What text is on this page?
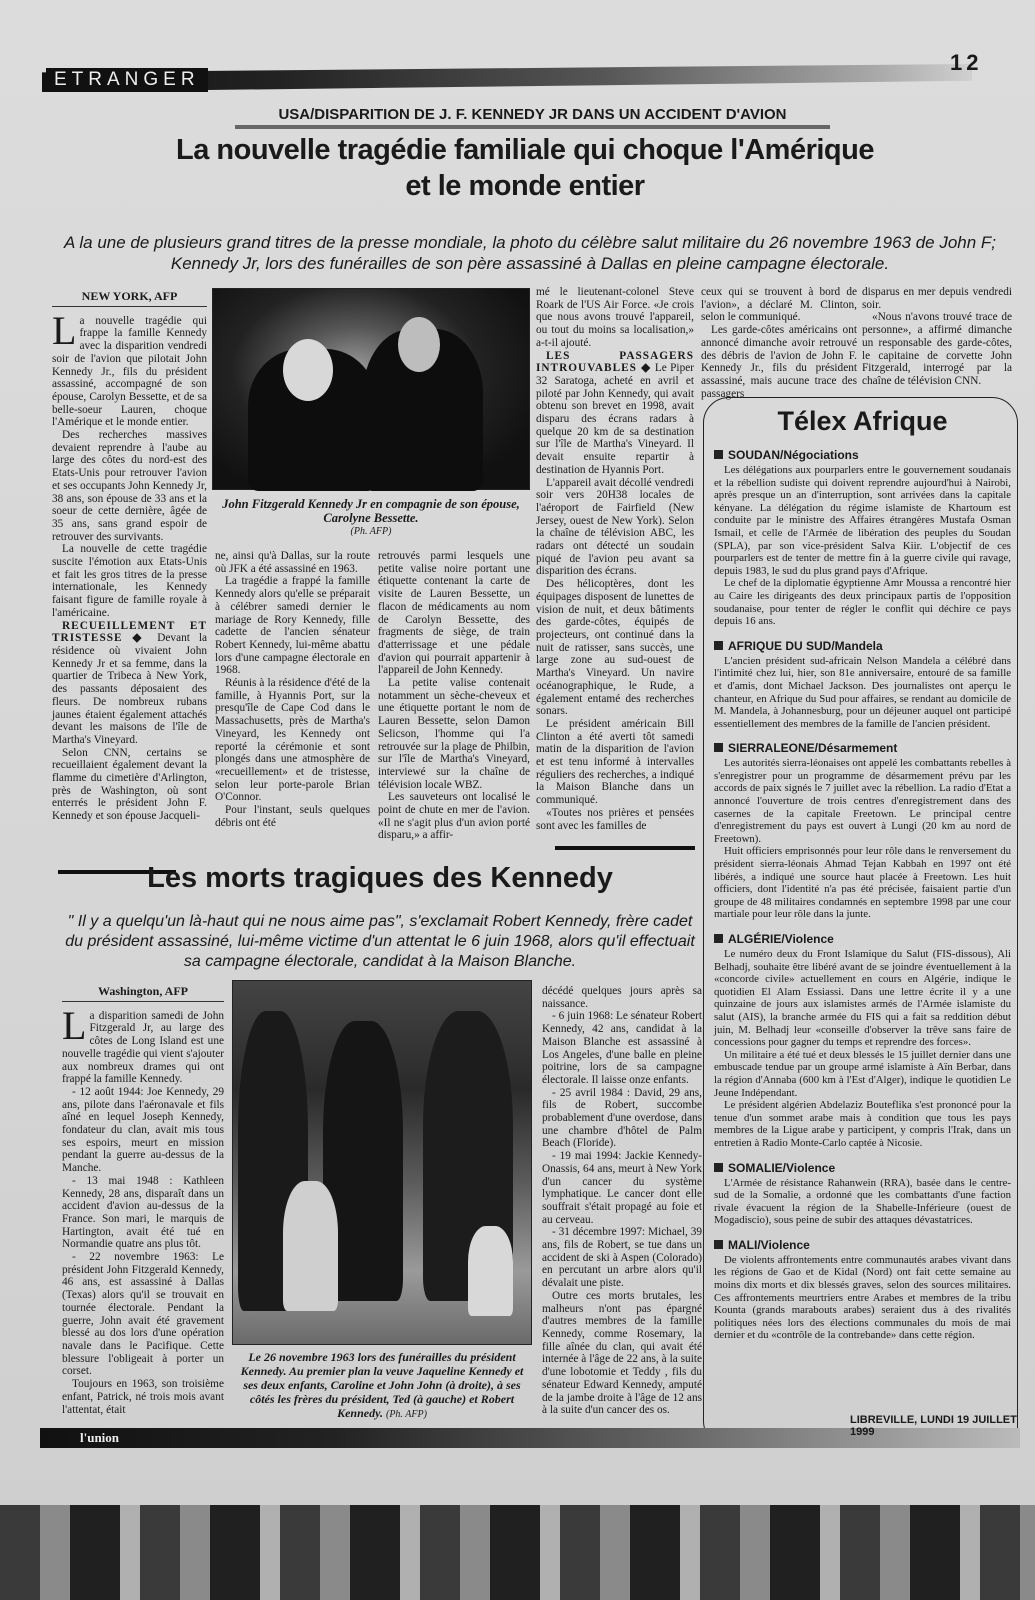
ETRANGER
12
USA/DISPARITION DE J. F. KENNEDY JR DANS UN ACCIDENT D'AVION
La nouvelle tragédie familiale qui choque l'Amérique
et le monde entier
A la une de plusieurs grand titres de la presse mondiale, la photo du célèbre salut militaire du 26 novembre 1963 de John F; Kennedy Jr, lors des funérailles de son père assassiné à Dallas en pleine campagne électorale.
NEW YORK, AFP

La nouvelle tragédie qui frappe la famille Kennedy avec la disparition vendredi soir de l'avion que pilotait John Kennedy Jr., fils du président assassiné, accompagné de son épouse, Carolyn Bessette, et de sa belle-soeur Lauren, choque l'Amérique et le monde entier.

Des recherches massives devaient reprendre à l'aube au large des côtes du nord-est des Etats-Unis pour retrouver l'avion et ses occupants John Kennedy Jr, 38 ans, son épouse de 33 ans et la soeur de cette dernière, âgée de 35 ans, sans grand espoir de retrouver des survivants.

La nouvelle de cette tragédie suscite l'émotion aux Etats-Unis et fait les gros titres de la presse internationale, les Kennedy faisant figure de famille royale à l'américaine.

RECUEILLEMENT ET TRISTESSE ◆ Devant la résidence où vivaient John Kennedy Jr et sa femme, dans la quartier de Tribeca à New York, des passants déposaient des fleurs. De nombreux rubans jaunes étaient également attachés devant les maisons de l'île de Martha's Vineyard.

Selon CNN, certains se recueillaient également devant la flamme du cimetière d'Arlington, près de Washington, où sont enterrés le président John F. Kennedy et son épouse Jacqueli-

John Fitzgerald Kennedy Jr en compagnie de son épouse, Carolyne Bessette.
(Ph. AFP)

ne, ainsi qu'à Dallas, sur la route où JFK a été assassiné en 1963.

La tragédie a frappé la famille Kennedy alors qu'elle se préparait à célébrer samedi dernier le mariage de Rory Kennedy, fille cadette de l'ancien sénateur Robert Kennedy, lui-même abattu lors d'une campagne électorale en 1968.

Réunis à la résidence d'été de la famille, à Hyannis Port, sur la presqu'île de Cape Cod dans le Massachusetts, près de Martha's Vineyard, les Kennedy ont reporté la cérémonie et sont plongés dans une atmosphère de «recueillement» et de tristesse, selon leur porte-parole Brian O'Connor.

Pour l'instant, seuls quelques débris ont été

retrouvés parmi lesquels une petite valise noire portant une étiquette contenant la carte de visite de Lauren Bessette, un flacon de médicaments au nom de Carolyn Bessette, des fragments de siège, de train d'atterrissage et une pédale d'avion qui pourrait appartenir à l'appareil de John Kennedy.

La petite valise contenait notamment un sèche-cheveux et une étiquette portant le nom de Lauren Bessette, selon Damon Selicson, l'homme qui l'a retrouvée sur la plage de Philbin, sur l'île de Martha's Vineyard, interviewé sur la chaîne de télévision locale WBZ.

Les sauveteurs ont localisé le point de chute en mer de l'avion. «Il ne s'agit plus d'un avion porté disparu,» a affir-

mé le lieutenant-colonel Steve Roark de l'US Air Force. «Je crois que nous avons trouvé l'appareil, ou tout du moins sa localisation,» a-t-il ajouté.

LES PASSAGERS INTROUVABLES ◆ Le Piper 32 Saratoga, acheté en avril et piloté par John Kennedy, qui avait obtenu son brevet en 1998, avait disparu des écrans radars à quelque 20 km de sa destination sur l'île de Martha's Vineyard. Il devait ensuite repartir à destination de Hyannis Port.

L'appareil avait décollé vendredi soir vers 20H38 locales de l'aéroport de Fairfield (New Jersey, ouest de New York). Selon la chaîne de télévision ABC, les radars ont détecté un soudain piqué de l'avion peu avant sa disparition des écrans.

Des hélicoptères, dont les équipages disposent de lunettes de vision de nuit, et deux bâtiments des garde-côtes, équipés de projecteurs, ont continué dans la nuit de ratisser, sans succès, une large zone au sud-ouest de Martha's Vineyard. Un navire océanographique, le Rude, a également entamé des recherches sonars.

Le président américain Bill Clinton a été averti tôt samedi matin de la disparition de l'avion et est tenu informé à intervalles réguliers des recherches, a indiqué la Maison Blanche dans un communiqué.

«Toutes nos prières et pensées sont avec les familles de

ceux qui se trouvent à bord de l'avion», a déclaré M. Clinton, selon le communiqué.

Les garde-côtes américains ont annoncé dimanche avoir retrouvé des débris de l'avion de John F. Kennedy Jr., fils du président assassiné, mais aucune trace des passagers

disparus en mer depuis vendredi soir.

«Nous n'avons trouvé trace de personne», a affirmé dimanche un responsable des garde-côtes, le capitaine de corvette John Fitzgerald, interrogé par la chaîne de télévision CNN.

Les morts tragiques des Kennedy
" Il y a quelqu'un là-haut qui ne nous aime pas", s'exclamait Robert Kennedy, frère cadet du président assassiné, lui-même victime d'un attentat le 6 juin 1968, alors qu'il effectuait sa campagne électorale, candidat à la Maison Blanche.
Washington, AFP

La disparition samedi de John Fitzgerald Jr, au large des côtes de Long Island est une nouvelle tragédie qui vient s'ajouter aux nombreux drames qui ont frappé la famille Kennedy.

- 12 août 1944: Joe Kennedy, 29 ans, pilote dans l'aéronavale et fils aîné en lequel Joseph Kennedy, fondateur du clan, avait mis tous ses espoirs, meurt en mission pendant la guerre au-dessus de la Manche.

- 13 mai 1948 : Kathleen Kennedy, 28 ans, disparaît dans un accident d'avion au-dessus de la France. Son mari, le marquis de Hartington, avait été tué en Normandie quatre ans plus tôt.

- 22 novembre 1963: Le président John Fitzgerald Kennedy, 46 ans, est assassiné à Dallas (Texas) alors qu'il se trouvait en tournée électorale. Pendant la guerre, John avait été gravement blessé au dos lors d'une opération navale dans le Pacifique. Cette blessure l'obligeait à porter un corset.

Toujours en 1963, son troisième enfant, Patrick, né trois mois avant l'attentat, était

Le 26 novembre 1963 lors des funérailles du président Kennedy. Au premier plan la veuve Jaqueline Kennedy et ses deux enfants, Caroline et John John (à droite), à ses côtés les frères du président, Ted (à gauche) et Robert Kennedy. (Ph. AFP)

décédé quelques jours après sa naissance.

- 6 juin 1968: Le sénateur Robert Kennedy, 42 ans, candidat à la Maison Blanche est assassiné à Los Angeles, d'une balle en pleine poitrine, lors de sa campagne électorale. Il laisse onze enfants.

- 25 avril 1984 : David, 29 ans, fils de Robert, succombe probablement d'une overdose, dans une chambre d'hôtel de Palm Beach (Floride).

- 19 mai 1994: Jackie Kennedy-Onassis, 64 ans, meurt à New York d'un cancer du système lymphatique. Le cancer dont elle souffrait s'était propagé au foie et au cerveau.

- 31 décembre 1997: Michael, 39 ans, fils de Robert, se tue dans un accident de ski à Aspen (Colorado) en percutant un arbre alors qu'il dévalait une piste.

Outre ces morts brutales, les malheurs n'ont pas épargné d'autres membres de la famille Kennedy, comme Rosemary, la fille aînée du clan, qui avait été internée à l'âge de 22 ans, à la suite d'une lobotomie et Teddy , fils du sénateur Edward Kennedy, amputé de la jambe droite à l'âge de 12 ans à la suite d'un cancer des os.

Télex Afrique
SOUDAN/Négociations
Les délégations aux pourparlers entre le gouvernement soudanais et la rébellion sudiste qui doivent reprendre aujourd'hui à Nairobi, après presque un an d'interruption, sont arrivées dans la capitale kényane. La délégation du régime islamiste de Khartoum est conduite par le ministre des Affaires étrangères Mustafa Osman Ismail, et celle de l'Armée de libération des peuples du Soudan (SPLA), par son vice-président Salva Kiir. L'objectif de ces pourparlers est de tenter de mettre fin à la guerre civile qui ravage, depuis 1983, le sud du plus grand pays d'Afrique.
Le chef de la diplomatie égyptienne Amr Moussa a rencontré hier au Caire les dirigeants des deux principaux partis de l'opposition soudanaise, pour tenter de régler le conflit qui déchire ce pays depuis 16 ans.
AFRIQUE DU SUD/Mandela
L'ancien président sud-africain Nelson Mandela a célébré dans l'intimité chez lui, hier, son 81e anniversaire, entouré de sa famille et d'amis, dont Michael Jackson. Des journalistes ont aperçu le chanteur, en Afrique du Sud pour affaires, se rendant au domicile de M. Mandela, à Johannesburg, pour un déjeuner auquel ont participé essentiellement des membres de la famille de l'ancien président.
SIERRALEONE/Désarmement
Les autorités sierra-léonaises ont appelé les combattants rebelles à s'enregistrer pour un programme de désarmement prévu par les accords de paix signés le 7 juillet avec la rébellion. La radio d'Etat a annoncé l'ouverture de trois centres d'enregistrement dans des casernes de la capitale Freetown. Le principal centre d'enregistrement du pays est ouvert à Lungi (20 km au nord de Freetown).
Huit officiers emprisonnés pour leur rôle dans le renversement du président sierra-léonais Ahmad Tejan Kabbah en 1997 ont été libérés, a indiqué une source haut placée à Freetown. Les huit officiers, dont l'identité n'a pas été précisée, faisaient partie d'un groupe de 48 militaires condamnés en septembre 1998 par une cour martiale pour leur rôle dans la junte.
ALGÉRIE/Violence
Le numéro deux du Front Islamique du Salut (FIS-dissous), Ali Belhadj, souhaite être libéré avant de se joindre éventuellement à la «concorde civile» actuellement en cours en Algérie, indique le quotidien El Alam Essiassi. Dans une lettre écrite il y a une quinzaine de jours aux islamistes armés de l'Armée islamiste du salut (AIS), la branche armée du FIS qui a fait sa reddition début juin, M. Belhadj leur «conseille d'observer la trêve sans faire de concessions pour gagner du temps et reprendre des forces».
Un militaire a été tué et deux blessés le 15 juillet dernier dans une embuscade tendue par un groupe armé islamiste à Aïn Berbar, dans la région d'Annaba (600 km à l'Est d'Alger), indique le quotidien Le Jeune Indépendant.
Le président algérien Abdelaziz Bouteflika s'est prononcé pour la tenue d'un sommet arabe mais à condition que tous les pays membres de la Ligue arabe y participent, y compris l'Irak, dans un entretien à Radio Monte-Carlo captée à Nicosie.
SOMALIE/Violence
L'Armée de résistance Rahanwein (RRA), basée dans le centre-sud de la Somalie, a ordonné que les combattants d'une faction rivale évacuent la région de la Shabelle-Inférieure (ouest de Mogadiscio), sous peine de subir des attaques dévastatrices.
MALI/Violence
De violents affrontements entre communautés arabes vivant dans les régions de Gao et de Kidal (Nord) ont fait cette semaine au moins dix morts et dix blessés graves, selon des sources militaires. Ces affrontements meurtriers entre Arabes et membres de la tribu Kounta (grands marabouts arabes) seraient dus à des rivalités politiques nées lors des élections communales du mois de mai dernier et du «contrôle de la contrebande» dans cette région.
l'union
LIBREVILLE, LUNDI 19 JUILLET 1999
